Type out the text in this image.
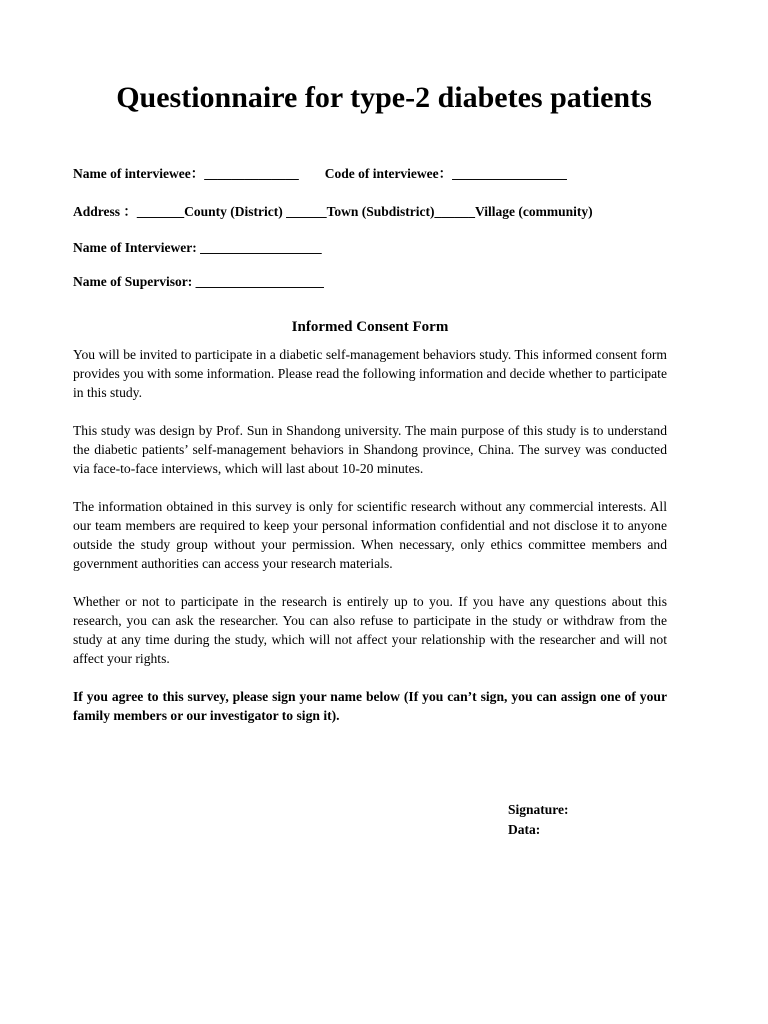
Questionnaire for type-2 diabetes patients
Name of interviewee：______________ Code of interviewee：_________________
Address ：_______County (District) ______Town (Subdistrict)______Village (community)
Name of Interviewer: __________________
Name of Supervisor: ___________________
Informed Consent Form
You will be invited to participate in a diabetic self-management behaviors study. This informed consent form provides you with some information. Please read the following information and decide whether to participate in this study.
This study was design by Prof. Sun in Shandong university. The main purpose of this study is to understand the diabetic patients’ self-management behaviors in Shandong province, China. The survey was conducted via face-to-face interviews, which will last about 10-20 minutes.
The information obtained in this survey is only for scientific research without any commercial interests. All our team members are required to keep your personal information confidential and not disclose it to anyone outside the study group without your permission. When necessary, only ethics committee members and government authorities can access your research materials.
Whether or not to participate in the research is entirely up to you. If you have any questions about this research, you can ask the researcher. You can also refuse to participate in the study or withdraw from the study at any time during the study, which will not affect your relationship with the researcher and will not affect your rights.
If you agree to this survey, please sign your name below (If you can’t sign, you can assign one of your family members or our investigator to sign it).
Signature:
Data:
